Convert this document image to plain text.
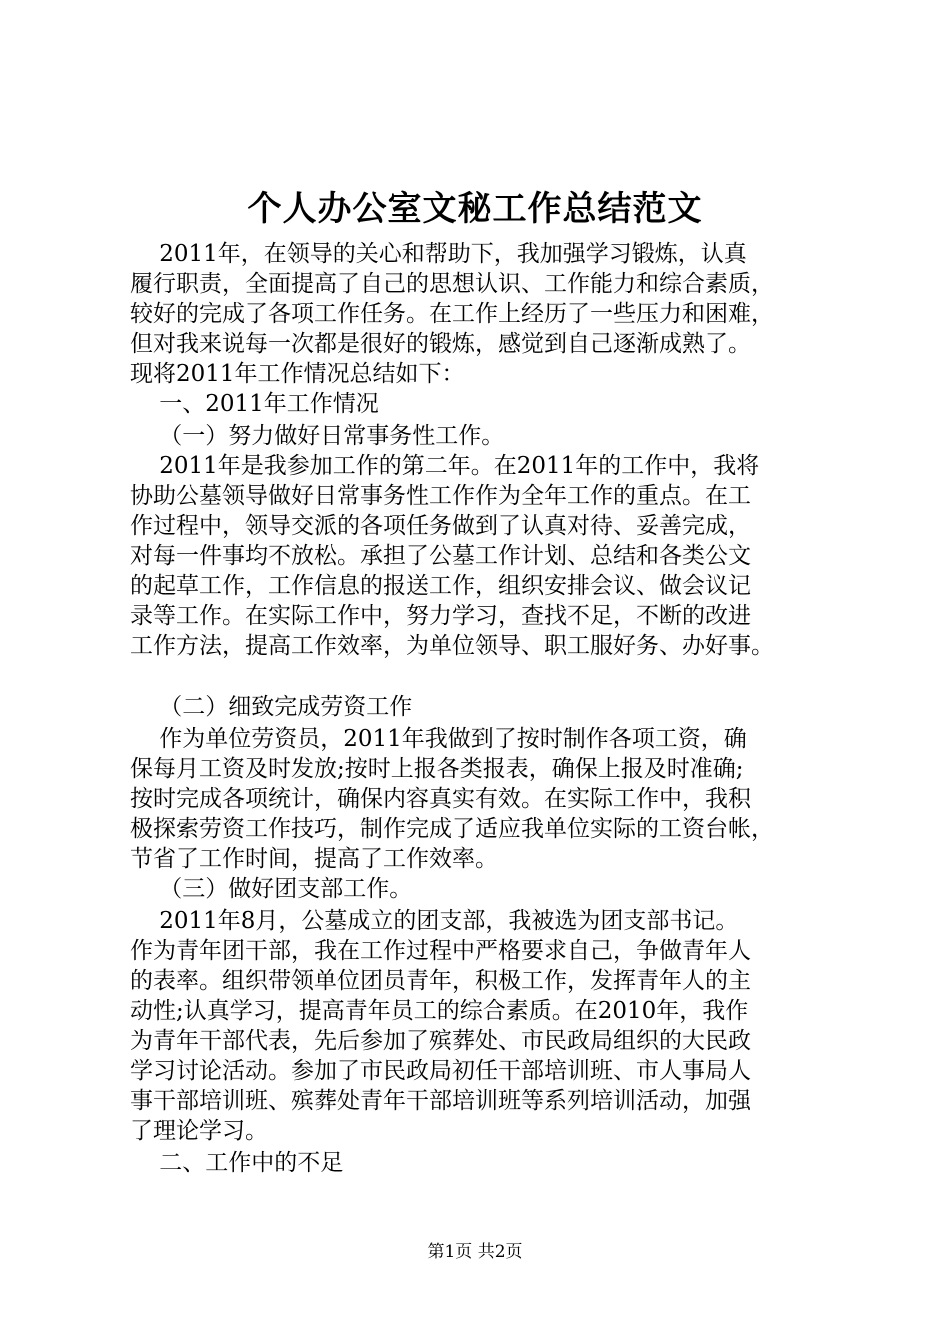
个人办公室文秘工作总结范文
2011年，在领导的关心和帮助下，我加强学习锻炼，认真
履行职责，全面提高了自己的思想认识、工作能力和综合素质，
较好的完成了各项工作任务。在工作上经历了一些压力和困难，
但对我来说每一次都是很好的锻炼，感觉到自己逐渐成熟了。
现将2011年工作情况总结如下：
一、2011年工作情况
（一）努力做好日常事务性工作。
2011年是我参加工作的第二年。在2011年的工作中，我将
协助公墓领导做好日常事务性工作作为全年工作的重点。在工
作过程中，领导交派的各项任务做到了认真对待、妥善完成，
对每一件事均不放松。承担了公墓工作计划、总结和各类公文
的起草工作，工作信息的报送工作，组织安排会议、做会议记
录等工作。在实际工作中，努力学习，查找不足，不断的改进
工作方法，提高工作效率，为单位领导、职工服好务、办好事。
（二）细致完成劳资工作
作为单位劳资员，2011年我做到了按时制作各项工资，确
保每月工资及时发放;按时上报各类报表，确保上报及时准确;
按时完成各项统计，确保内容真实有效。在实际工作中，我积
极探索劳资工作技巧，制作完成了适应我单位实际的工资台帐，
节省了工作时间，提高了工作效率。
（三）做好团支部工作。
2011年8月，公墓成立的团支部，我被选为团支部书记。
作为青年团干部，我在工作过程中严格要求自己，争做青年人
的表率。组织带领单位团员青年，积极工作，发挥青年人的主
动性;认真学习，提高青年员工的综合素质。在2010年，我作
为青年干部代表，先后参加了殡葬处、市民政局组织的大民政
学习讨论活动。参加了市民政局初任干部培训班、市人事局人
事干部培训班、殡葬处青年干部培训班等系列培训活动，加强
了理论学习。
二、工作中的不足
第1页 共2页
